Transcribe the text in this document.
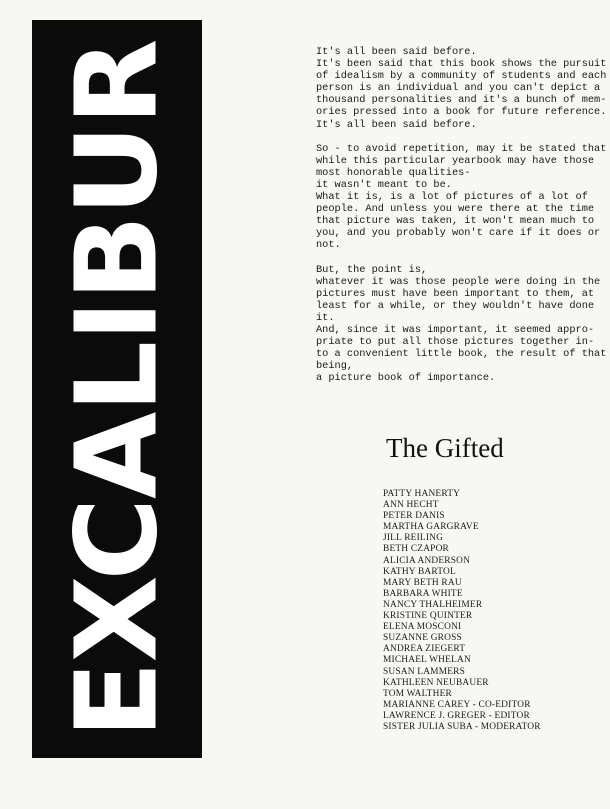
EXCALIBUR	It's all been said before.
It's been said that this book shows the pursuit
of idealism by a community of students and each
person is an individual and you can't depict a
thousand personalities and it's a bunch of mem-
ories pressed into a book for future reference.
It's all been said before.

So - to avoid repetition, may it be stated that
while this particular yearbook may have those
most honorable qualities-
it wasn't meant to be.
What it is, is a lot of pictures of a lot of
people. And unless you were there at the time
that picture was taken, it won't mean much to
you, and you probably won't care if it does or
not.

But, the point is,
whatever it was those people were doing in the
pictures must have been important to them, at
least for a while, or they wouldn't have done
it.
And, since it was important, it seemed appro-
priate to put all those pictures together in-
to a convenient little book, the result of that
being,
a picture book of importance.

The Gifted
PATTY HANERTY
ANN HECHT
PETER DANIS
MARTHA GARGRAVE
JILL REILING
BETH CZAPOR
ALICIA ANDERSON
KATHY BARTOL
MARY BETH RAU
BARBARA WHITE
NANCY THALHEIMER
KRISTINE QUINTER
ELENA MOSCONI
SUZANNE GROSS
ANDREA ZIEGERT
MICHAEL WHELAN
SUSAN LAMMERS
KATHLEEN NEUBAUER
TOM WALTHER
MARIANNE CAREY - CO-EDITOR
LAWRENCE J. GREGER - EDITOR
SISTER JULIA SUBA - MODERATOR
